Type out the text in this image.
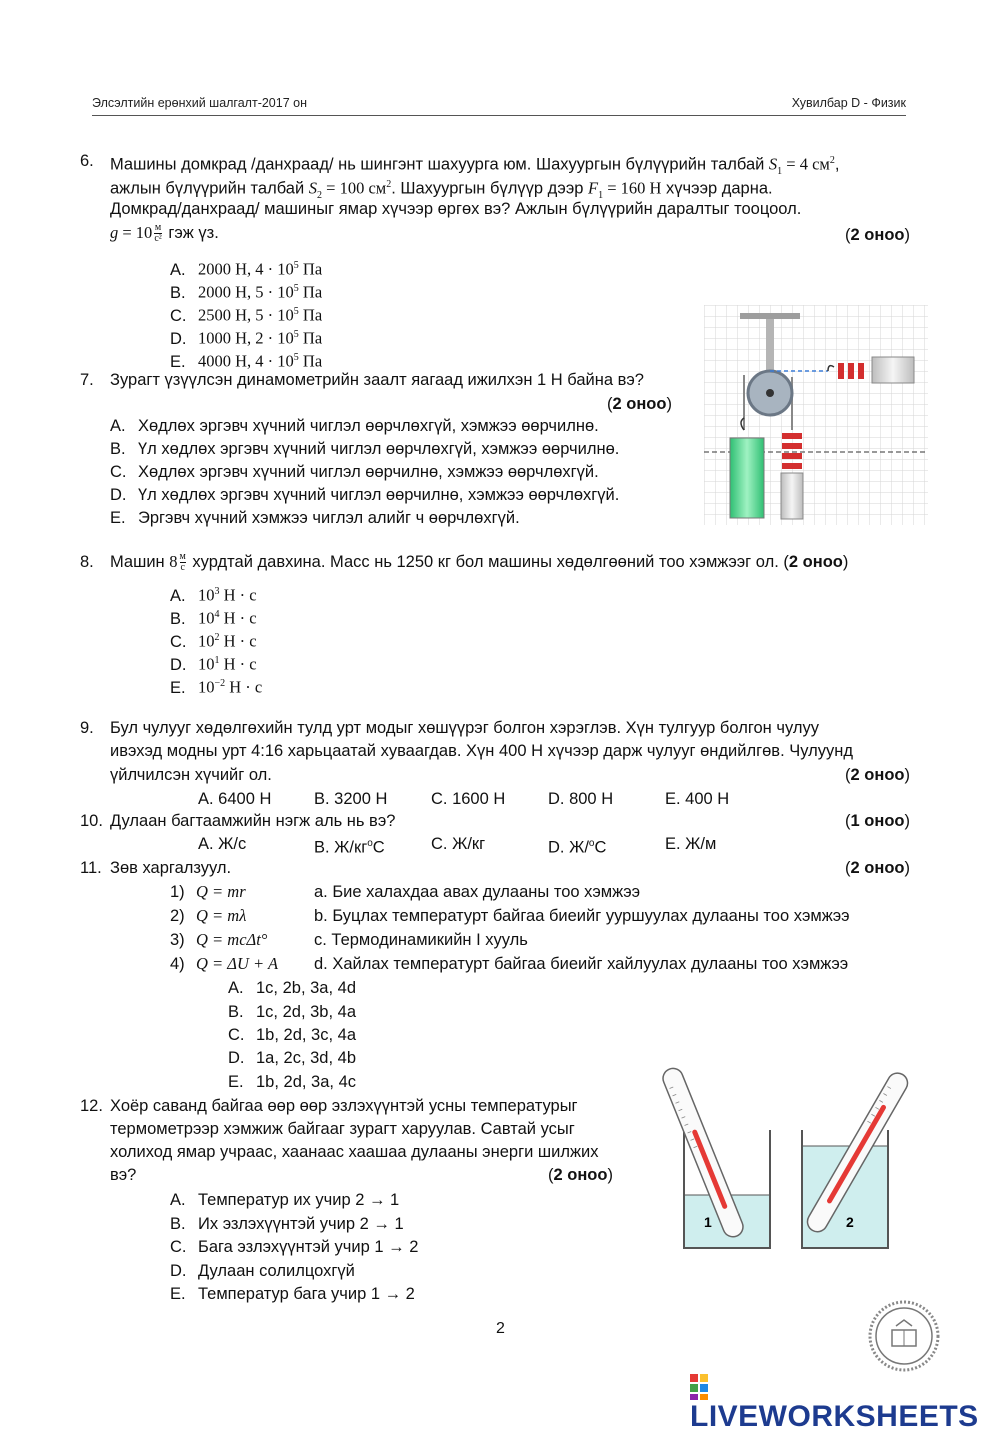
Элсэлтийн ерөнхий шалгалт-2017 он	Хувилбар D - Физик
6. Машины домкрад /данхраад/ нь шингэнт шахуурга юм. Шахуургын бүлүүрийн талбай $S_1 = 4$ $см^2$,
ажлын бүлүүрийн талбай $S_2 = 100$ $см^2$. Шахуургын бүлүүр дээр $F_1 = 160$ Н хүчээр дарна.
Домкрад/данхраад/ машиныг ямар хүчээр өргөх вэ? Ажлын бүлүүрийн даралтыг тооцоол.
$g = 10 \frac{м}{\text{с²}}$ гэж үз.	(2 оноо)
A. 2000 Н, $4 \cdot 10^5$ Па
B. 2000 Н, $5 \cdot 10^5$ Па
C. 2500 Н, $5 \cdot 10^5$ Па
D. 1000 Н, $2 \cdot 10^5$ Па
E. 4000 Н, $4 \cdot 10^5$ Па
7. Зурагт үзүүлсэн динамометрийн заалт яагаад ижилхэн 1 Н байна вэ?
(2 оноо)
A. Хөдлөх эргэвч хүчний чиглэл өөрчлөхгүй, хэмжээ өөрчилнө.
B. Үл хөдлөх эргэвч хүчний чиглэл өөрчлөхгүй, хэмжээ өөрчилнө.
C. Хөдлөх эргэвч хүчний чиглэл өөрчилнө, хэмжээ өөрчлөхгүй.
D. Үл хөдлөх эргэвч хүчний чиглэл өөрчилнө, хэмжээ өөрчлөхгүй.
E. Эргэвч хүчний хэмжээ чиглэл алийг ч өөрчлөхгүй.
8. Машин $8 \frac{м}{с}$ хурдтай давхина. Масс нь 1250 кг бол машины хөдөлгөөний тоо хэмжээг ол. (2 оноо)
A. $10^3$ Н · с
B. $10^4$ Н · с
C. $10^2$ Н · с
D. $10^1$ Н · с
E. $10^{-2}$ Н · с
9. Бул чулууг хөдөлгөхийн тулд урт модыг хөшүүрэг болгон хэрэглэв. Хүн тулгуур болгон чулуу
ивэхэд модны урт 4:16 харьцаатай хуваагдав. Хүн 400 Н хүчээр дарж чулууг өндийлгөв. Чулуунд
үйлчилсэн хүчийг ол.	(2 оноо)
A. 6400 Н	B. 3200 Н	C. 1600 Н	D. 800 Н	E. 400 Н
10. Дулаан багтаамжийн нэгж аль нь вэ?	(1 оноо)
A. Ж/с	B. $Ж/кг^oC$	C. Ж/кг	D. Ж/$^o$C	E. Ж/м
11. Зөв харгалзуул.	(2 оноо)
1) Q = mr	a. Бие халахдаа авах дулааны тоо хэмжээ
2) Q = mλ	b. Буцлах температурт байгаа биеийг ууршуулах дулааны тоо хэмжээ
3) Q = mcΔt°	c. Термодинамикийн I хууль
4) Q = ΔU + A d. Хайлах температурт байгаа биеийг хайлуулах дулааны тоо хэмжээ
A. 1c, 2b, 3a, 4d
B. 1c, 2d, 3b, 4a
C. 1b, 2d, 3c, 4a
D. 1a, 2c, 3d, 4b
E. 1b, 2d, 3a, 4c
12. Хоёр саванд байгаа өөр өөр эзлэхүүнтэй усны температурыг
термометрээр хэмжиж байгааг зурагт харуулав. Савтай усыг
холиход ямар учраас, хаанаас хаашаа дулааны энерги шилжих
вэ?	(2 оноо)
A. Температур их учир 2 → 1
B. Их эзлэхүүнтэй учир 2 → 1
C. Бага эзлэхүүнтэй учир 1 → 2
D. Дулаан солилцохгүй
E. Температур бага учир 1 → 2
1	2
2
LIVEWORKSHEETS
